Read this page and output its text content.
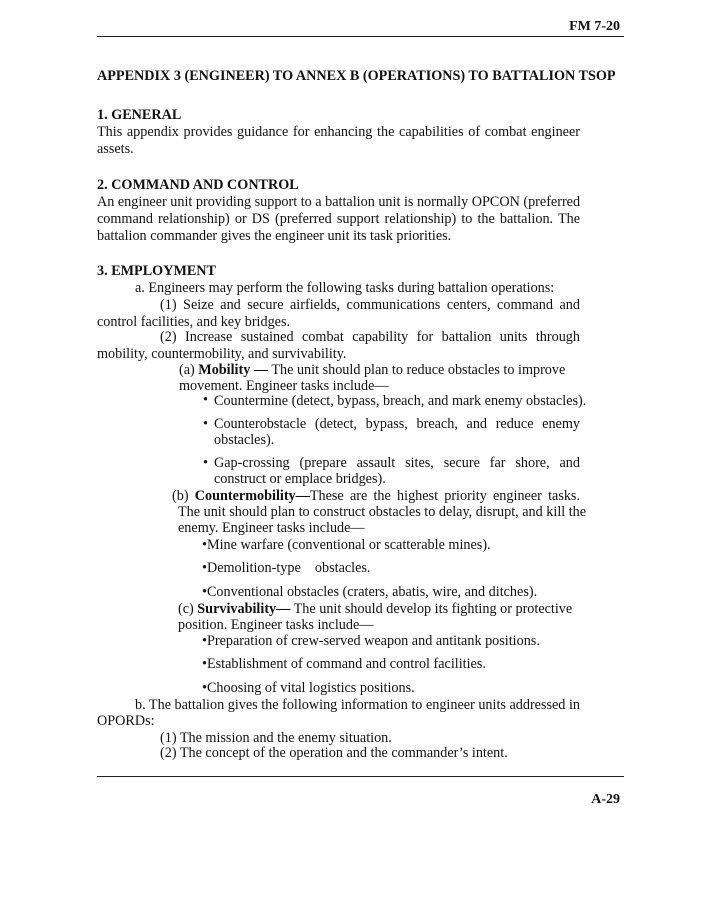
FM 7-20
APPENDIX 3 (ENGINEER) TO ANNEX B (OPERATIONS) TO BATTALION TSOP
1. GENERAL
This appendix provides guidance for enhancing the capabilities of combat engineer
assets.
2. COMMAND AND CONTROL
An engineer unit providing support to a battalion unit is normally OPCON (preferred
command relationship) or DS (preferred support relationship) to the battalion. The
battalion commander gives the engineer unit its task priorities.
3. EMPLOYMENT
a. Engineers may perform the following tasks during battalion operations:
(1) Seize and secure airfields, communications centers, command and
control facilities, and key bridges.
(2) Increase sustained combat capability for battalion units through
mobility, countermobility, and survivability.
(a) Mobility — The unit should plan to reduce obstacles to improve
movement. Engineer tasks include—
• Countermine (detect, bypass, breach, and mark enemy obstacles).
• Counterobstacle (detect, bypass, breach, and reduce enemy
obstacles).
• Gap-crossing (prepare assault sites, secure far shore, and
construct or emplace bridges).
(b) Countermobility—These are the highest priority engineer tasks.
The unit should plan to construct obstacles to delay, disrupt, and kill the
enemy. Engineer tasks include—
•Mine warfare (conventional or scatterable mines).
•Demolition-type    obstacles.
•Conventional obstacles (craters, abatis, wire, and ditches).
(c) Survivability— The unit should develop its fighting or protective
position. Engineer tasks include—
•Preparation of crew-served weapon and antitank positions.
•Establishment of command and control facilities.
•Choosing of vital logistics positions.
b. The battalion gives the following information to engineer units addressed in
OPORDs:
(1) The mission and the enemy situation.
(2) The concept of the operation and the commander’s intent.
A-29
